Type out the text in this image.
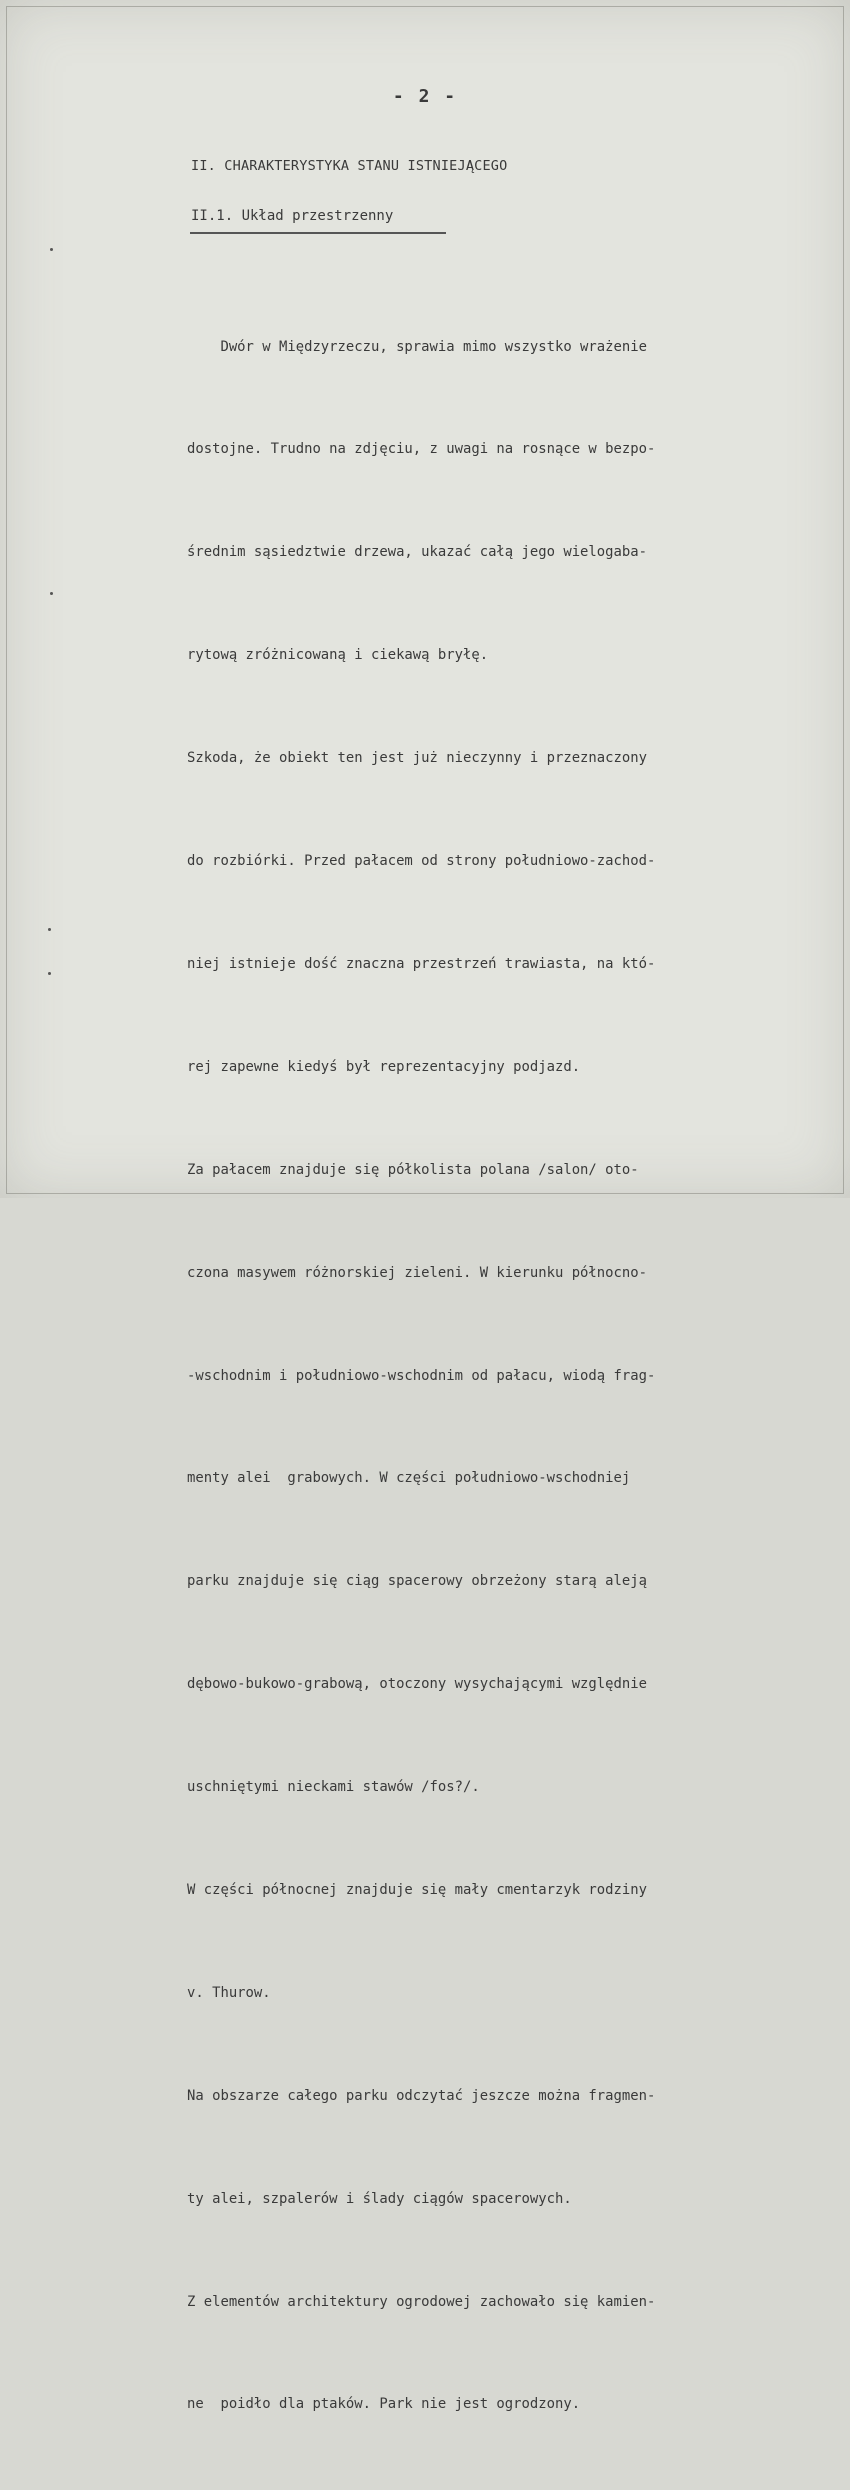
- 2 -
II. CHARAKTERYSTYKA STANU ISTNIEJĄCEGO
II.1. Układ przestrzenny

Dwór w Międzyrzeczu, sprawia mimo wszystko wrażenie

dostojne. Trudno na zdjęciu, z uwagi na rosnące w bezpo-

średnim sąsiedztwie drzewa, ukazać całą jego wielogaba-

rytową zróżnicowaną i ciekawą bryłę.

Szkoda, że obiekt ten jest już nieczynny i przeznaczony

do rozbiórki. Przed pałacem od strony południowo-zachod-

niej istnieje dość znaczna przestrzeń trawiasta, na któ-

rej zapewne kiedyś był reprezentacyjny podjazd.

Za pałacem znajduje się półkolista polana /salon/ oto-

czona masywem różnorskiej zieleni. W kierunku północno-

-wschodnim i południowo-wschodnim od pałacu, wiodą frag-

menty alei  grabowych. W części południowo-wschodniej

parku znajduje się ciąg spacerowy obrzeżony starą aleją

dębowo-bukowo-grabową, otoczony wysychającymi względnie

uschniętymi nieckami stawów /fos?/.

W części północnej znajduje się mały cmentarzyk rodziny

v. Thurow.

Na obszarze całego parku odczytać jeszcze można fragmen-

ty alei, szpalerów i ślady ciągów spacerowych.

Z elementów architektury ogrodowej zachowało się kamien-

ne  poidło dla ptaków. Park nie jest ogrodzony.
